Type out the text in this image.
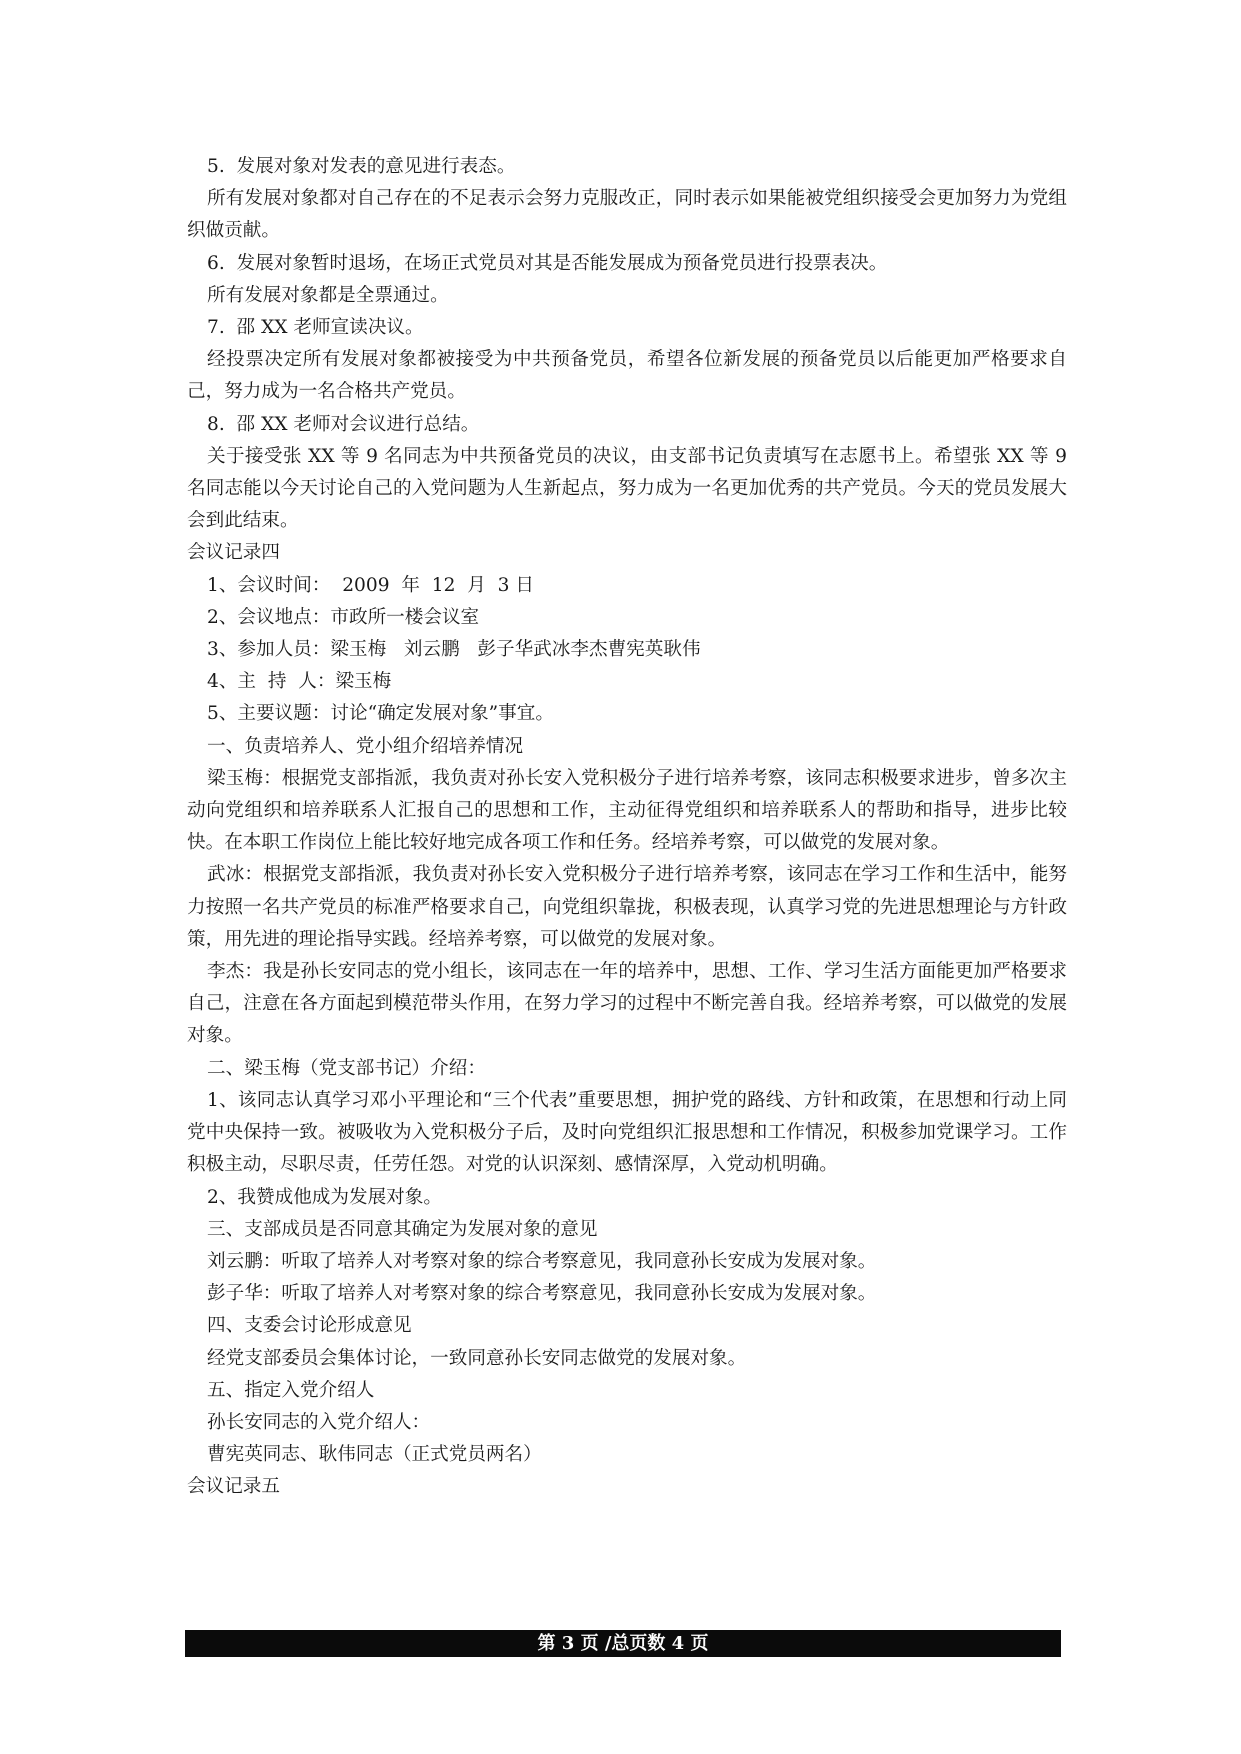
5.  发展对象对发表的意见进行表态。

所有发展对象都对自己存在的不足表示会努力克服改正，同时表示如果能被党组织接受会更加努力为党组织做贡献。

6.  发展对象暂时退场，在场正式党员对其是否能发展成为预备党员进行投票表决。

所有发展对象都是全票通过。

7.  邵 XX 老师宣读决议。

经投票决定所有发展对象都被接受为中共预备党员，希望各位新发展的预备党员以后能更加严格要求自己，努力成为一名合格共产党员。

8.  邵 XX 老师对会议进行总结。

关于接受张 XX 等 9 名同志为中共预备党员的决议，由支部书记负责填写在志愿书上。希望张 XX 等 9 名同志能以今天讨论自己的入党问题为人生新起点，努力成为一名更加优秀的共产党员。今天的党员发展大会到此结束。

会议记录四

1、会议时间：  2009  年  12  月  3 日

2、会议地点：市政所一楼会议室

3、参加人员：梁玉梅   刘云鹏   彭子华武冰李杰曹宪英耿伟

4、主  持  人：梁玉梅

5、主要议题：讨论“确定发展对象”事宜。

一、负责培养人、党小组介绍培养情况

梁玉梅：根据党支部指派，我负责对孙长安入党积极分子进行培养考察，该同志积极要求进步，曾多次主动向党组织和培养联系人汇报自己的思想和工作，主动征得党组织和培养联系人的帮助和指导，进步比较快。在本职工作岗位上能比较好地完成各项工作和任务。经培养考察，可以做党的发展对象。

武冰：根据党支部指派，我负责对孙长安入党积极分子进行培养考察，该同志在学习工作和生活中，能努力按照一名共产党员的标准严格要求自己，向党组织靠拢，积极表现，认真学习党的先进思想理论与方针政策，用先进的理论指导实践。经培养考察，可以做党的发展对象。

李杰：我是孙长安同志的党小组长，该同志在一年的培养中，思想、工作、学习生活方面能更加严格要求自己，注意在各方面起到模范带头作用，在努力学习的过程中不断完善自我。经培养考察，可以做党的发展对象。

二、梁玉梅（党支部书记）介绍：

1、该同志认真学习邓小平理论和“三个代表”重要思想，拥护党的路线、方针和政策，在思想和行动上同党中央保持一致。被吸收为入党积极分子后，及时向党组织汇报思想和工作情况，积极参加党课学习。工作积极主动，尽职尽责，任劳任怨。对党的认识深刻、感情深厚，入党动机明确。

2、我赞成他成为发展对象。

三、支部成员是否同意其确定为发展对象的意见

刘云鹏：听取了培养人对考察对象的综合考察意见，我同意孙长安成为发展对象。

彭子华：听取了培养人对考察对象的综合考察意见，我同意孙长安成为发展对象。

四、支委会讨论形成意见

经党支部委员会集体讨论，一致同意孙长安同志做党的发展对象。

五、指定入党介绍人

孙长安同志的入党介绍人：

曹宪英同志、耿伟同志（正式党员两名）

会议记录五

第 3 页 /总页数 4 页
